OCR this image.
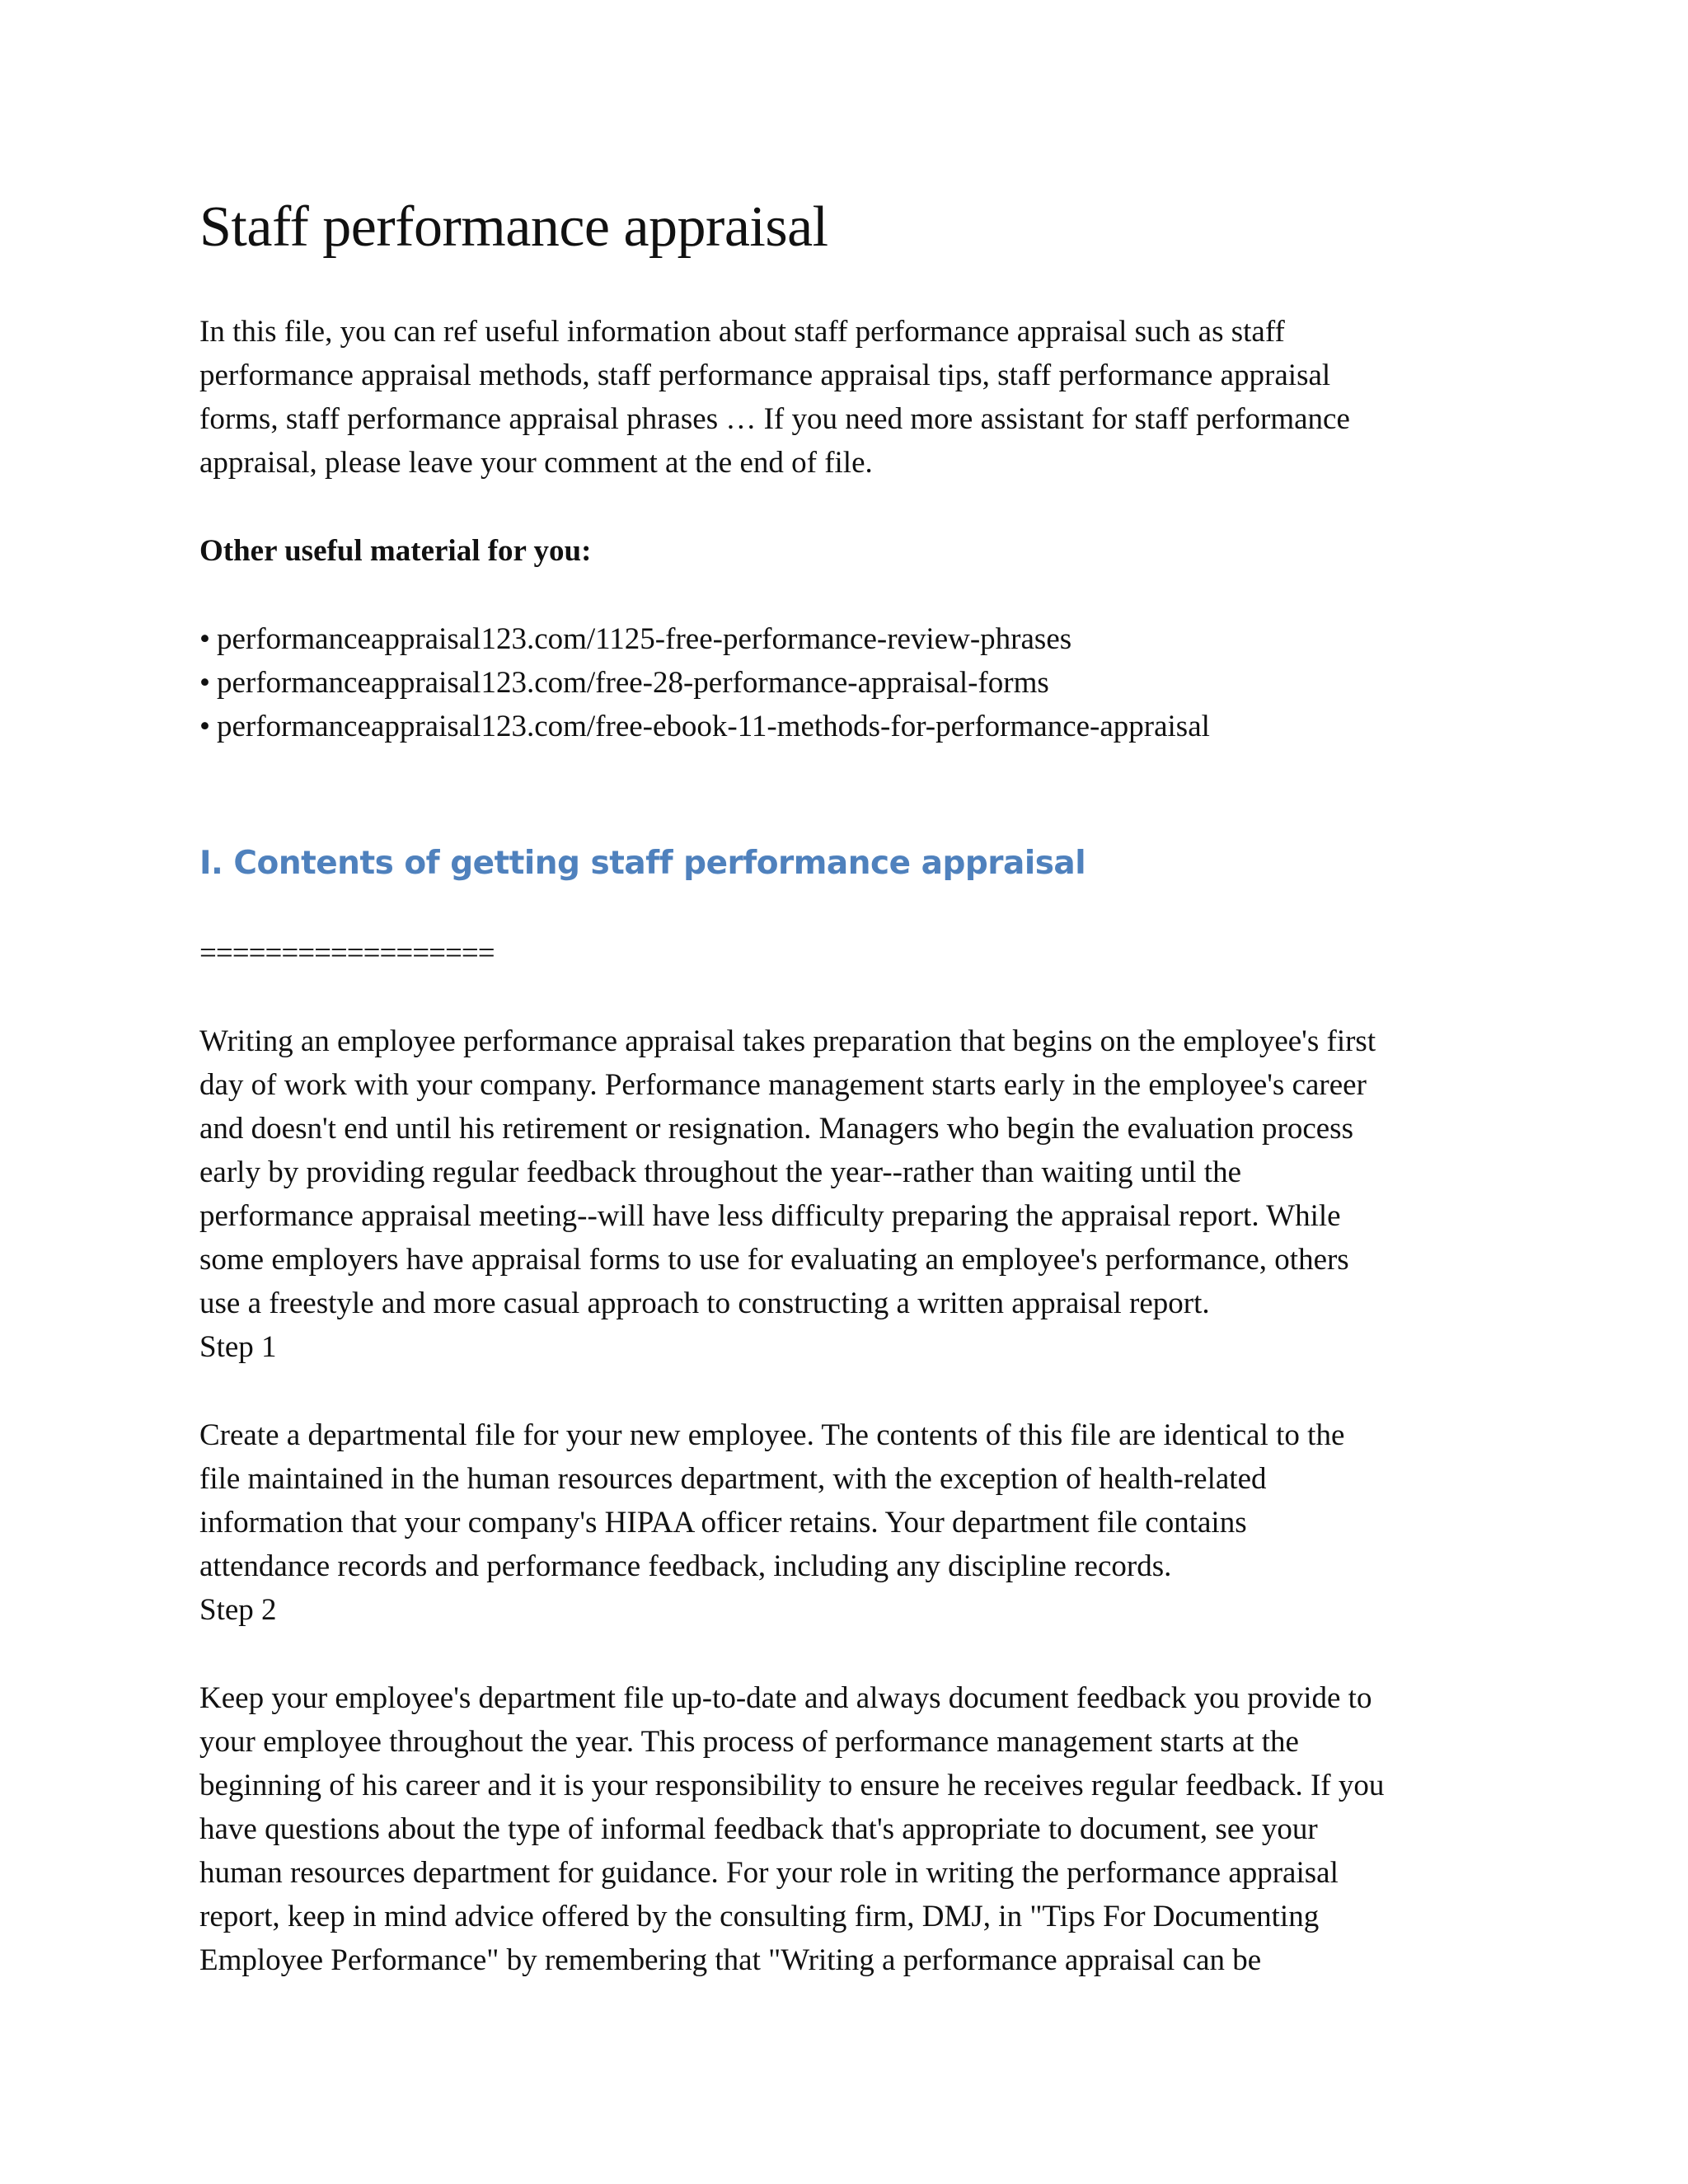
Staff performance appraisal

In this file, you can ref useful information about staff performance appraisal such as staff
performance appraisal methods, staff performance appraisal tips, staff performance appraisal
forms, staff performance appraisal phrases … If you need more assistant for staff performance
appraisal, please leave your comment at the end of file.

Other useful material for you:

• performanceappraisal123.com/1125-free-performance-review-phrases
• performanceappraisal123.com/free-28-performance-appraisal-forms
• performanceappraisal123.com/free-ebook-11-methods-for-performance-appraisal
I. Contents of getting staff performance appraisal
==================

Writing an employee performance appraisal takes preparation that begins on the employee's first
day of work with your company. Performance management starts early in the employee's career
and doesn't end until his retirement or resignation. Managers who begin the evaluation process
early by providing regular feedback throughout the year--rather than waiting until the
performance appraisal meeting--will have less difficulty preparing the appraisal report. While
some employers have appraisal forms to use for evaluating an employee's performance, others
use a freestyle and more casual approach to constructing a written appraisal report.
Step 1

Create a departmental file for your new employee. The contents of this file are identical to the
file maintained in the human resources department, with the exception of health-related
information that your company's HIPAA officer retains. Your department file contains
attendance records and performance feedback, including any discipline records.
Step 2

Keep your employee's department file up-to-date and always document feedback you provide to
your employee throughout the year. This process of performance management starts at the
beginning of his career and it is your responsibility to ensure he receives regular feedback. If you
have questions about the type of informal feedback that's appropriate to document, see your
human resources department for guidance. For your role in writing the performance appraisal
report, keep in mind advice offered by the consulting firm, DMJ, in "Tips For Documenting
Employee Performance" by remembering that "Writing a performance appraisal can be
